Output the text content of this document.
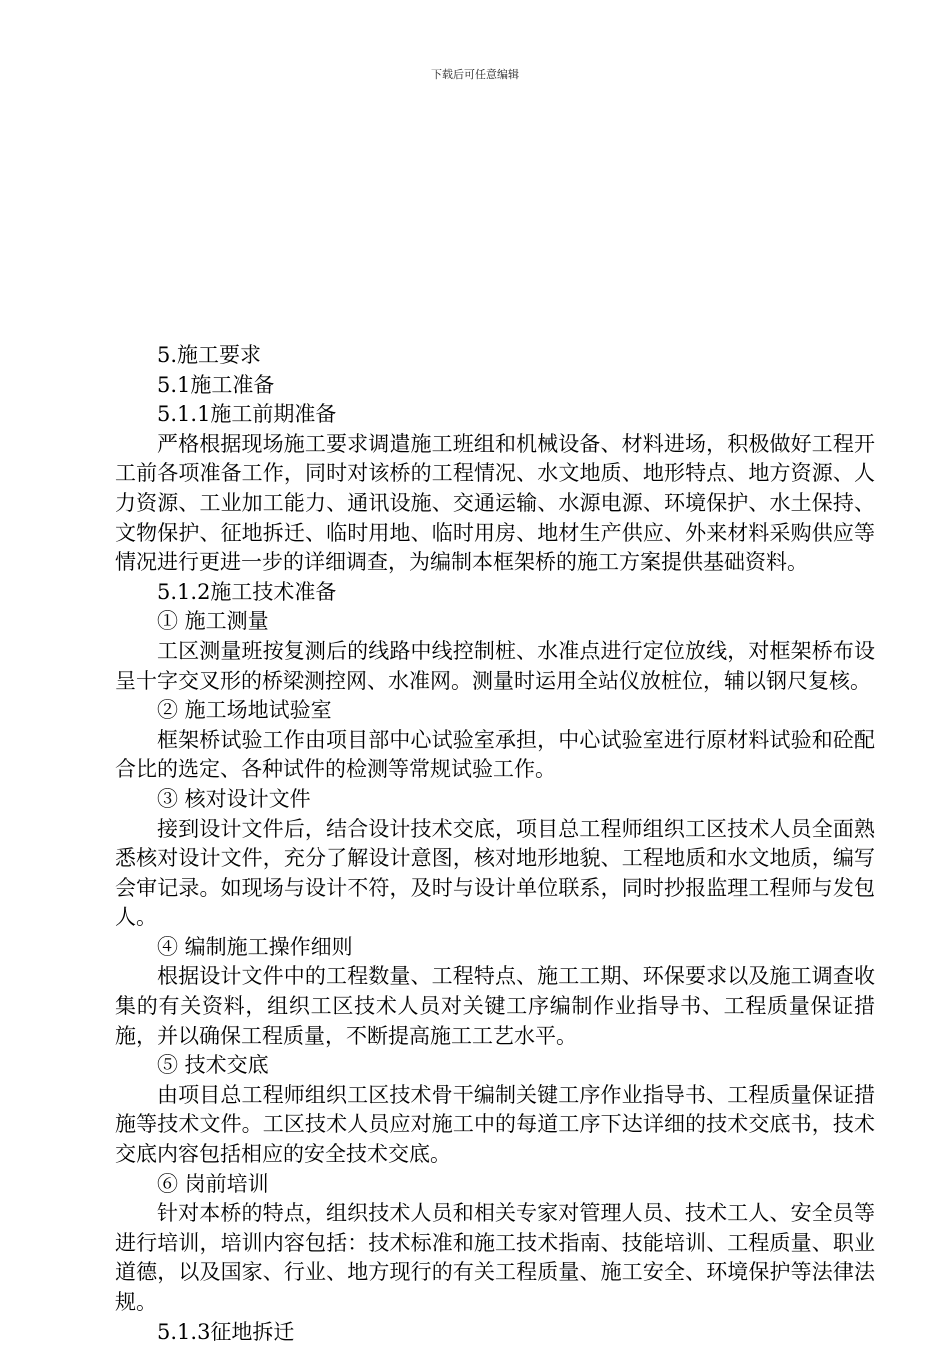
下载后可任意编辑

5.施工要求

5.1施工准备

5.1.1施工前期准备

严格根据现场施工要求调遣施工班组和机械设备、材料进场，积极做好工程开工前各项准备工作，同时对该桥的工程情况、水文地质、地形特点、地方资源、人力资源、工业加工能力、通讯设施、交通运输、水源电源、环境保护、水土保持、文物保护、征地拆迁、临时用地、临时用房、地材生产供应、外来材料采购供应等情况进行更进一步的详细调查，为编制本框架桥的施工方案提供基础资料。

5.1.2施工技术准备

① 施工测量

工区测量班按复测后的线路中线控制桩、水准点进行定位放线，对框架桥布设呈十字交叉形的桥梁测控网、水准网。测量时运用全站仪放桩位，辅以钢尺复核。

② 施工场地试验室

框架桥试验工作由项目部中心试验室承担，中心试验室进行原材料试验和砼配合比的选定、各种试件的检测等常规试验工作。

③ 核对设计文件

接到设计文件后，结合设计技术交底，项目总工程师组织工区技术人员全面熟悉核对设计文件，充分了解设计意图，核对地形地貌、工程地质和水文地质，编写会审记录。如现场与设计不符，及时与设计单位联系，同时抄报监理工程师与发包人。

④ 编制施工操作细则

根据设计文件中的工程数量、工程特点、施工工期、环保要求以及施工调查收集的有关资料，组织工区技术人员对关键工序编制作业指导书、工程质量保证措施，并以确保工程质量，不断提高施工工艺水平。

⑤ 技术交底

由项目总工程师组织工区技术骨干编制关键工序作业指导书、工程质量保证措施等技术文件。工区技术人员应对施工中的每道工序下达详细的技术交底书，技术交底内容包括相应的安全技术交底。

⑥ 岗前培训

针对本桥的特点，组织技术人员和相关专家对管理人员、技术工人、安全员等进行培训，培训内容包括：技术标准和施工技术指南、技能培训、工程质量、职业道德，以及国家、行业、地方现行的有关工程质量、施工安全、环境保护等法律法规。

5.1.3征地拆迁
